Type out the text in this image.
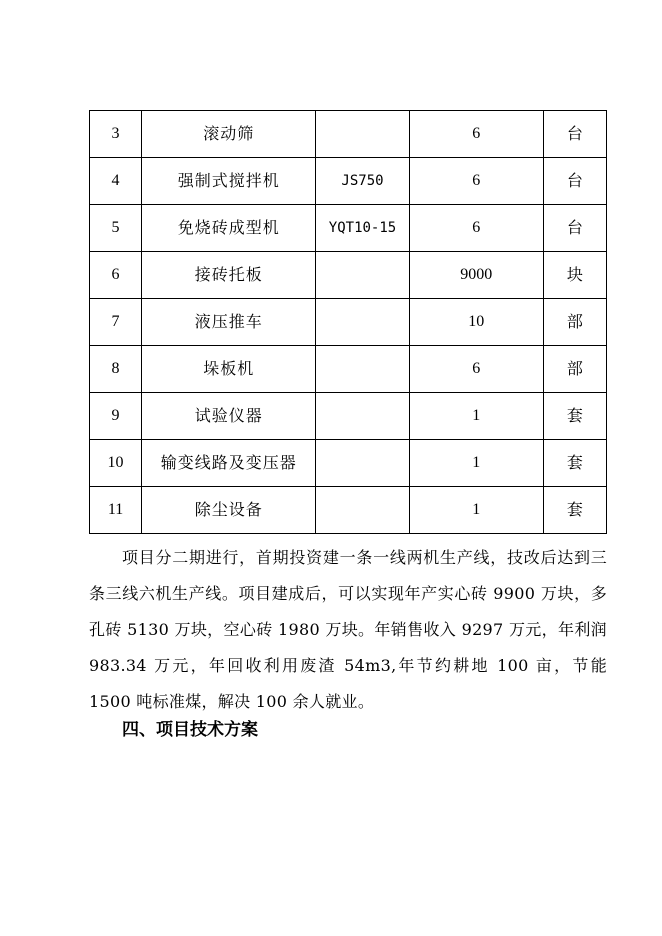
3	滚动筛		6	台
4	强制式搅拌机	JS750	6	台
5	免烧砖成型机	YQT10-15	6	台
6	接砖托板		9000	块
7	液压推车		10	部
8	垛板机		6	部
9	试验仪器		1	套
10	输变线路及变压器		1	套
11	除尘设备		1	套

项目分二期进行，首期投资建一条一线两机生产线，技改后达到三条三线六机生产线。项目建成后，可以实现年产实心砖 9900 万块，多孔砖 5130 万块，空心砖 1980 万块。年销售收入 9297 万元，年利润 983.34 万元，年回收利用废渣 54m3,年节约耕地 100 亩，节能 1500 吨标准煤，解决 100 余人就业。

四、项目技术方案
